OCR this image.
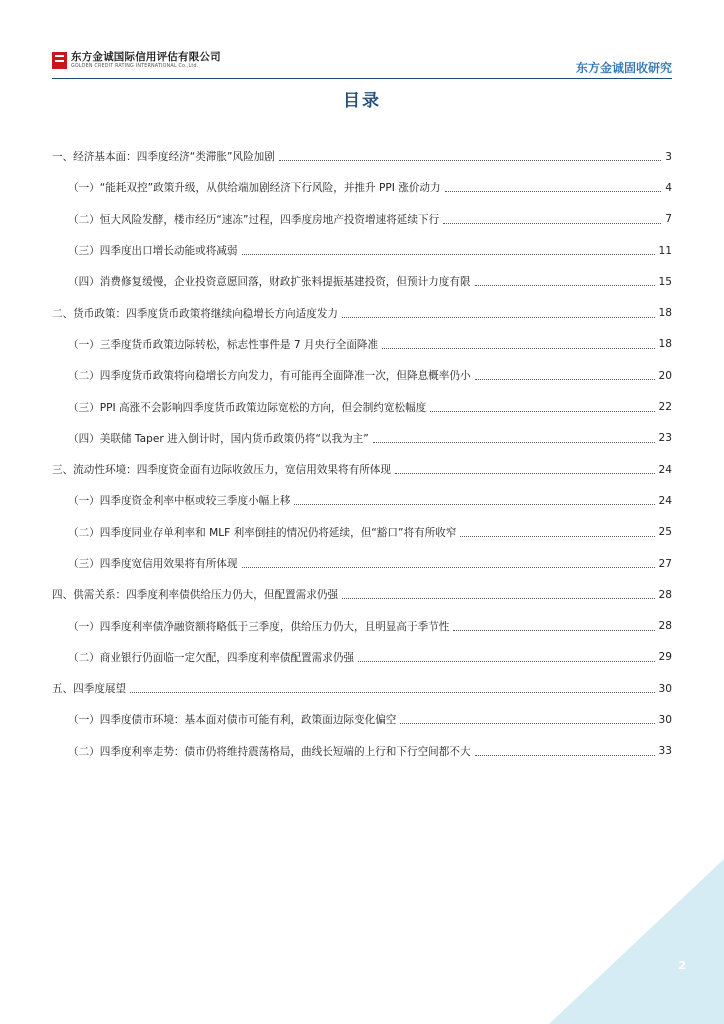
东方金诚国际信用评估有限公司
GOLDEN CREDIT RATING INTERNATIONAL Co.,Ltd.	东方金诚固收研究
目录
一、经济基本面：四季度经济“类滞胀”风险加剧	3
（一）“能耗双控”政策升级，从供给端加剧经济下行风险，并推升 PPI 涨价动力	4
（二）恒大风险发酵，楼市经历“速冻”过程，四季度房地产投资增速将延续下行	7
（三）四季度出口增长动能或将减弱	11
（四）消费修复缓慢，企业投资意愿回落，财政扩张料提振基建投资，但预计力度有限	15
二、货币政策：四季度货币政策将继续向稳增长方向适度发力	18
（一）三季度货币政策边际转松，标志性事件是 7 月央行全面降准	18
（二）四季度货币政策将向稳增长方向发力，有可能再全面降准一次，但降息概率仍小	20
（三）PPI 高涨不会影响四季度货币政策边际宽松的方向，但会制约宽松幅度	22
（四）美联储 Taper 进入倒计时，国内货币政策仍将“以我为主”	23
三、流动性环境：四季度资金面有边际收敛压力，宽信用效果将有所体现	24
（一）四季度资金利率中枢或较三季度小幅上移	24
（二）四季度同业存单利率和 MLF 利率倒挂的情况仍将延续，但“豁口”将有所收窄	25
（三）四季度宽信用效果将有所体现	27
四、供需关系：四季度利率债供给压力仍大，但配置需求仍强	28
（一）四季度利率债净融资额将略低于三季度，供给压力仍大，且明显高于季节性	28
（二）商业银行仍面临一定欠配，四季度利率债配置需求仍强	29
五、四季度展望	30
（一）四季度债市环境：基本面对债市可能有利，政策面边际变化偏空	30
（二）四季度利率走势：债市仍将维持震荡格局，曲线长短端的上行和下行空间都不大	33
2
